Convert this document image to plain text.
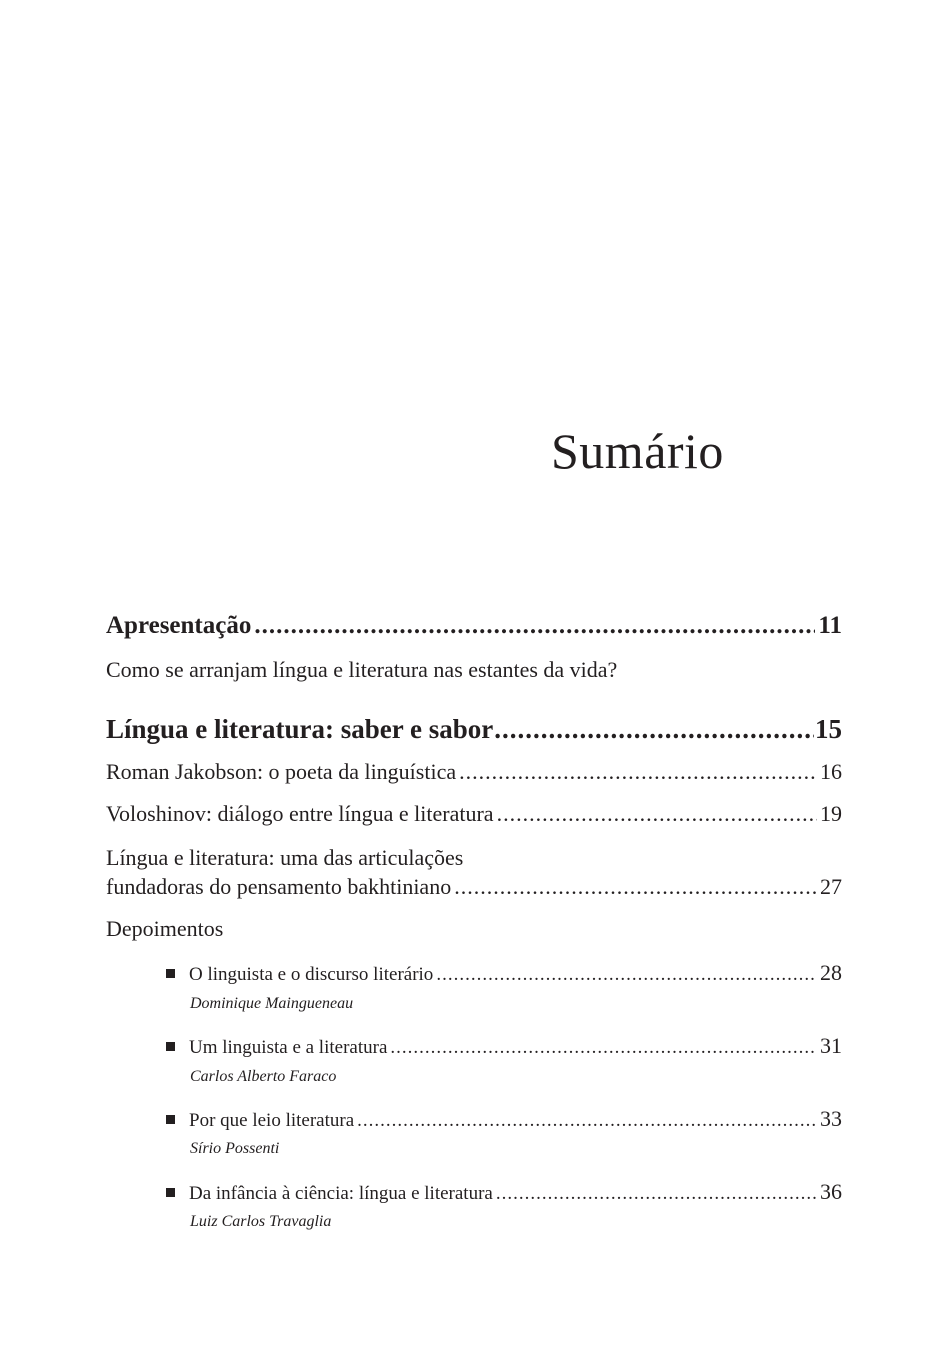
Sumário
Apresentação .....	11
Como se arranjam língua e literatura nas estantes da vida?
Língua e literatura: saber e sabor .....	15
Roman Jakobson: o poeta da linguística .....	16
Voloshinov: diálogo entre língua e literatura .....	19
Língua e literatura: uma das articulações
fundadoras do pensamento bakhtiniano .....	27
Depoimentos
O linguista e o discurso literário .....	28
Dominique Maingueneau
Um linguista e a literatura .....	31
Carlos Alberto Faraco
Por que leio literatura .....	33
Sírio Possenti
Da infância à ciência: língua e literatura .....	36
Luiz Carlos Travaglia
